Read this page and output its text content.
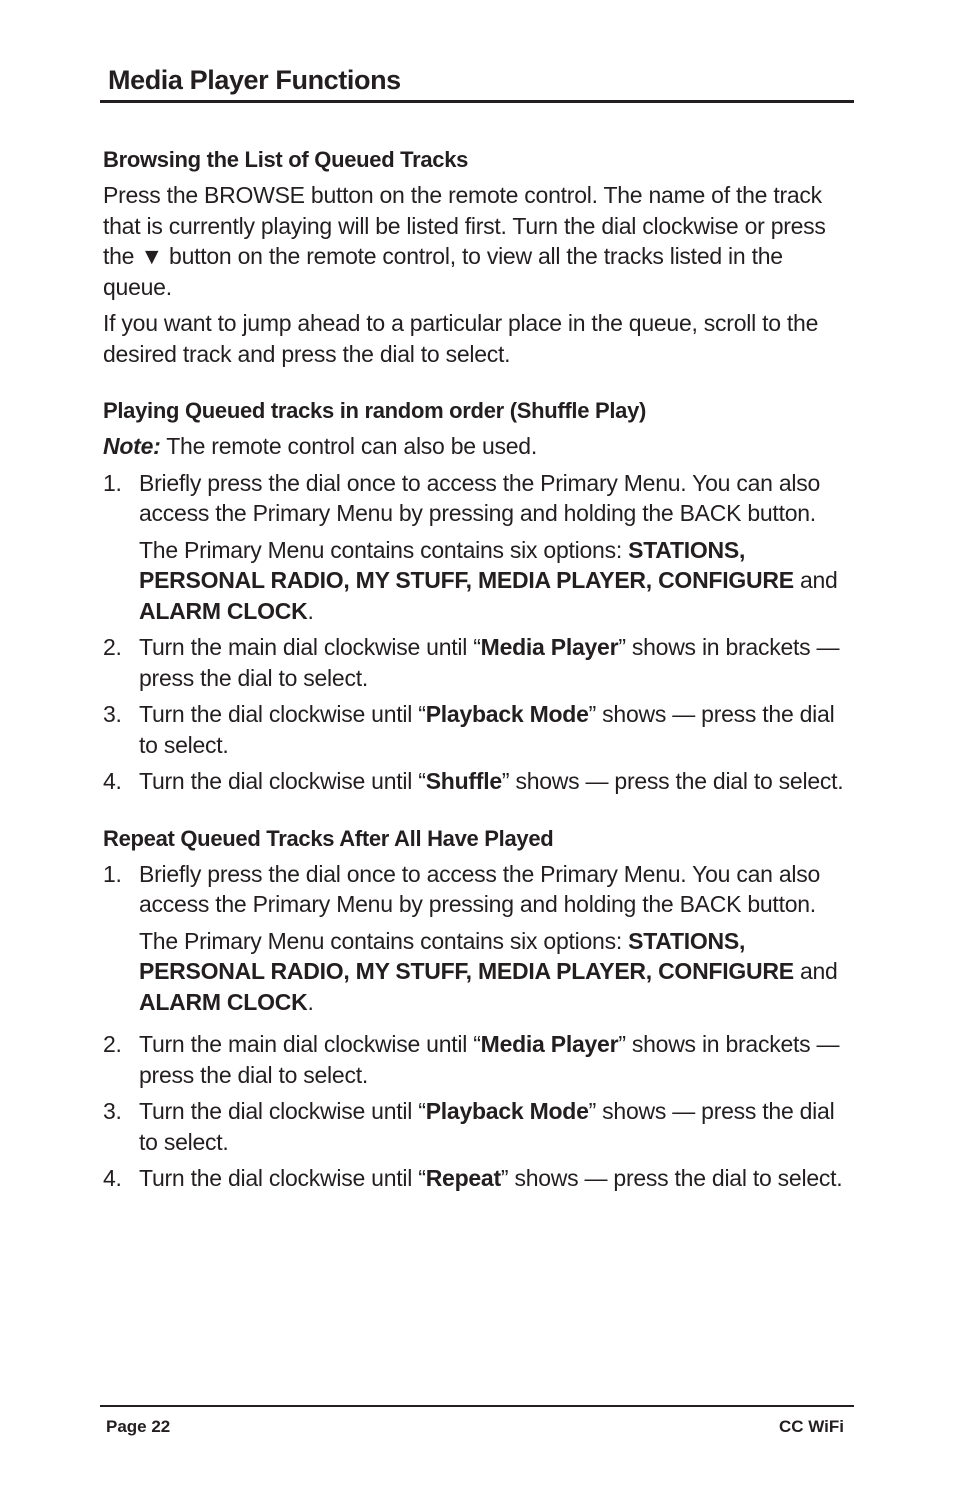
Media Player Functions
Browsing the List of Queued Tracks

Press the BROWSE button on the remote control. The name of the track that is currently playing will be listed first. Turn the dial clockwise or press the ▼ button on the remote control, to view all the tracks listed in the queue.

If you want to jump ahead to a particular place in the queue, scroll to the desired track and press the dial to select.

Playing Queued tracks in random order (Shuffle Play)

Note: The remote control can also be used.

1. Briefly press the dial once to access the Primary Menu. You can also access the Primary Menu by pressing and holding the BACK button.
The Primary Menu contains contains six options: STATIONS, PERSONAL RADIO, MY STUFF, MEDIA PLAYER, CONFIGURE and ALARM CLOCK.
2. Turn the main dial clockwise until “Media Player” shows in brackets — press the dial to select.
3. Turn the dial clockwise until “Playback Mode” shows — press the dial to select.
4. Turn the dial clockwise until “Shuffle” shows — press the dial to select.
Repeat Queued Tracks After All Have Played
1. Briefly press the dial once to access the Primary Menu. You can also access the Primary Menu by pressing and holding the BACK button.
The Primary Menu contains contains six options: STATIONS, PERSONAL RADIO, MY STUFF, MEDIA PLAYER, CONFIGURE and ALARM CLOCK.
2. Turn the main dial clockwise until “Media Player” shows in brackets — press the dial to select.
3. Turn the dial clockwise until “Playback Mode” shows — press the dial to select.
4. Turn the dial clockwise until “Repeat” shows — press the dial to select.
Page 22	CC WiFi
